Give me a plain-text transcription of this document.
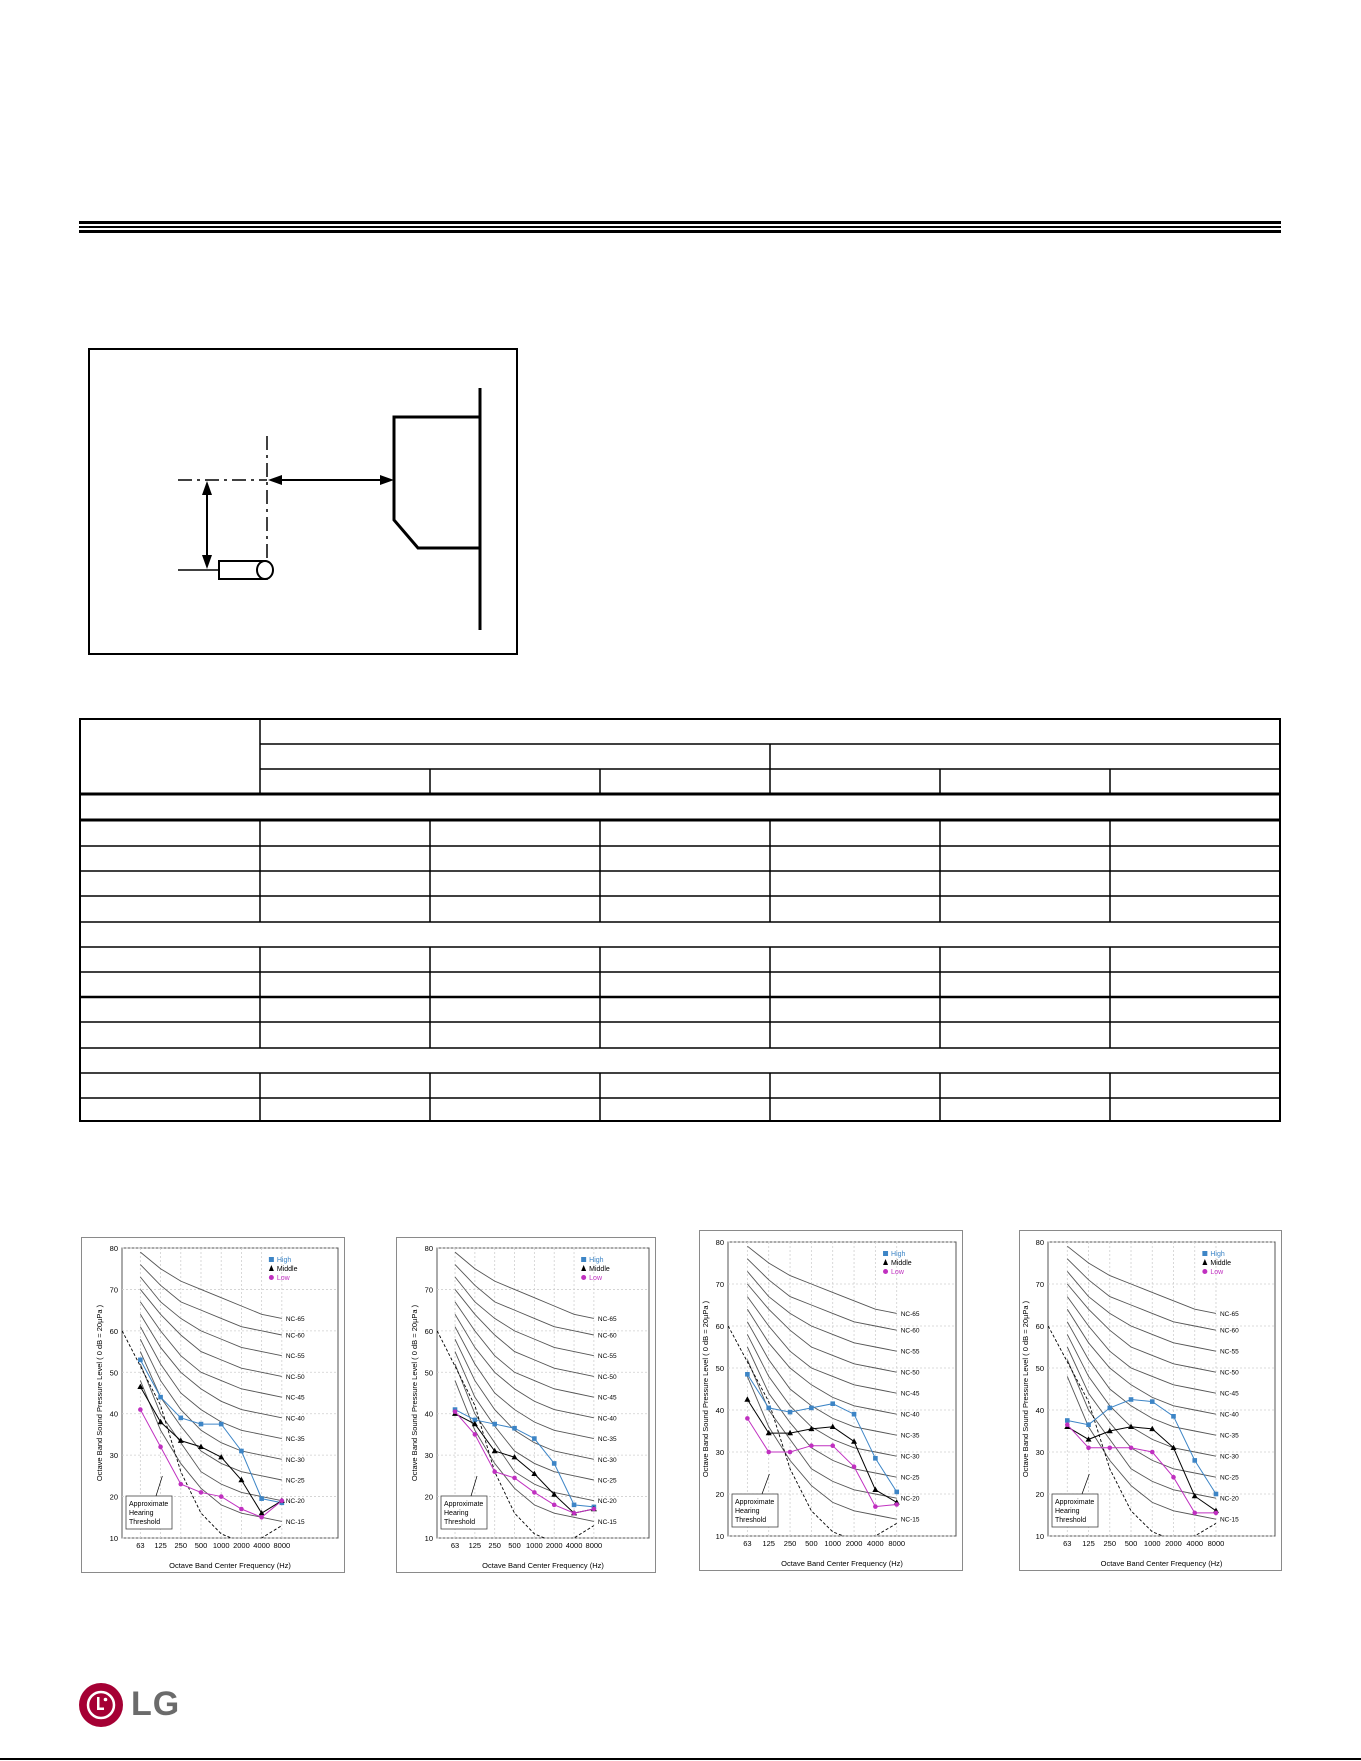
10
20
30
40
50
60
70
80
63 125 250 500 1000 2000 4000 8000
NC-65
NC-60
NC-55
NC-50
NC-45
NC-40
NC-35
NC-30
NC-25
NC-20
NC-15
Approximate
Hearing
Threshold
High
Middle
Low
Octave Band Center Frequency (Hz)
Octave Band Sound Pressure Level ( 0 dB = 20µPa )
10
20
30
40
50
60
70
80
63 125 250 500 1000 2000 4000 8000
NC-65
NC-60
NC-55
NC-50
NC-45
NC-40
NC-35
NC-30
NC-25
NC-20
NC-15
Approximate
Hearing
Threshold
High
Middle
Low
Octave Band Center Frequency (Hz)
Octave Band Sound Pressure Level ( 0 dB = 20µPa )
10
20
30
40
50
60
70
80
63 125 250 500 1000 2000 4000 8000
NC-65
NC-60
NC-55
NC-50
NC-45
NC-40
NC-35
NC-30
NC-25
NC-20
NC-15
Approximate
Hearing
Threshold
High
Middle
Low
Octave Band Center Frequency (Hz)
Octave Band Sound Pressure Level ( 0 dB = 20µPa )
10
20
30
40
50
60
70
80
63 125 250 500 1000 2000 4000 8000
NC-65
NC-60
NC-55
NC-50
NC-45
NC-40
NC-35
NC-30
NC-25
NC-20
NC-15
Approximate
Hearing
Threshold
High
Middle
Low
Octave Band Center Frequency (Hz)
Octave Band Sound Pressure Level ( 0 dB = 20µPa )
LG
